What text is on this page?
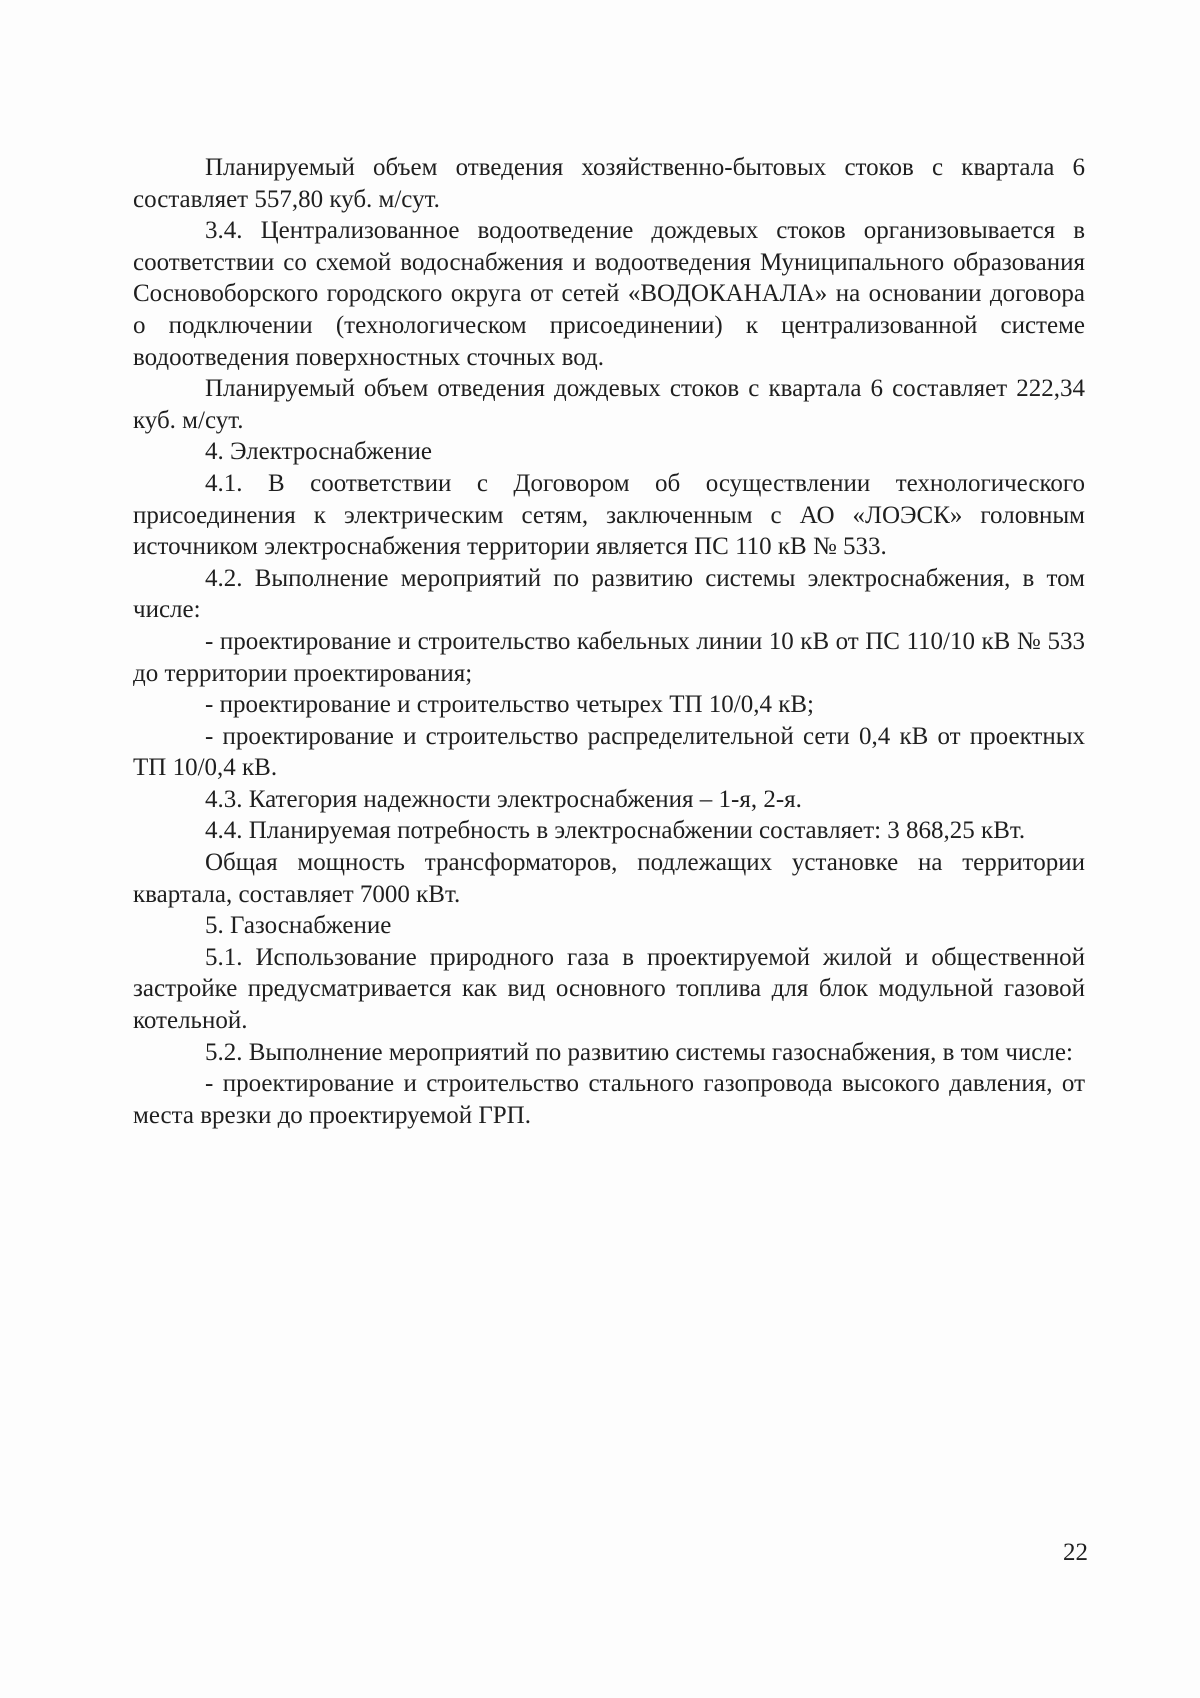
Планируемый объем отведения хозяйственно-бытовых стоков с квартала 6 составляет 557,80 куб. м/сут.

3.4. Централизованное водоотведение дождевых стоков организовывается в соответствии со схемой водоснабжения и водоотведения Муниципального образования Сосновоборского городского округа от сетей «ВОДОКАНАЛА» на основании договора о подключении (технологическом присоединении) к централизованной системе водоотведения поверхностных сточных вод.

Планируемый объем отведения дождевых стоков с квартала 6 составляет 222,34 куб. м/сут.

4. Электроснабжение

4.1. В соответствии с Договором об осуществлении технологического присоединения к электрическим сетям, заключенным с АО «ЛОЭСК» головным источником электроснабжения территории является ПС 110 кВ № 533.

4.2. Выполнение мероприятий по развитию системы электроснабжения, в том числе:

- проектирование и строительство кабельных линии 10 кВ от ПС 110/10 кВ № 533 до территории проектирования;

- проектирование и строительство четырех ТП 10/0,4 кВ;

- проектирование и строительство распределительной сети 0,4 кВ от проектных ТП 10/0,4 кВ.

4.3. Категория надежности электроснабжения – 1-я, 2-я.

4.4. Планируемая потребность в электроснабжении составляет: 3 868,25 кВт.

Общая мощность трансформаторов, подлежащих установке на территории квартала, составляет 7000 кВт.

5. Газоснабжение

5.1. Использование природного газа в проектируемой жилой и общественной застройке предусматривается как вид основного топлива для блок модульной газовой котельной.

5.2. Выполнение мероприятий по развитию системы газоснабжения, в том числе:

- проектирование и строительство стального газопровода высокого давления, от места врезки до проектируемой ГРП.

22
